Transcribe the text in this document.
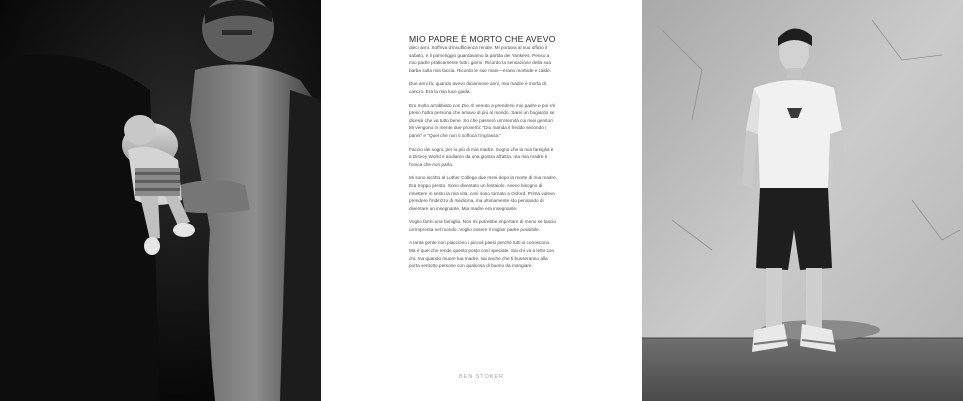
MIO PADRE È MORTO CHE AVEVO

dieci anni. Soffriva d'insufficienza renale. Mi portava al suo ufficio il sabato, e il pomeriggio guardavamo la partita dei Yankees. Penso a mio padre praticamente tutti i giorni. Ricordo la sensazione della sua barba sulla mia faccia. Ricordo le sue mani—erano morbide e calde.

Due anni fa, quando avevo diciannove anni, mia madre è morta di cancro. Era la mia luce guida.

Ero molto arrabbiato con Dio. È venuto a prendersi mio padre e poi s'è preso l'altra persona che amavo di più al mondo. Sarei un bugiardo se dicessi che va tutto bene. So che passerò un'eternità coi miei genitori. Mi vengono in mente due proverbi: "Dio manda il freddo secondo i panni" e "Quel che non ti soffoca t'ingrassa."

Faccio dei sogni, per lo più di mia madre. Sogno che la mia famiglia è a Disney World e andiamo da una giostra all'altra, ma mia madre è l'unica che non parla.

Mi sono iscritto al Luther College due mesi dopo la morte di mia madre. Era troppo presto. Sono diventato un festaiolo. Avevo bisogno di rimettere in sesto la mia vita, così sono tornato a Oxford. Prima volevo prendere l'indirizzo di medicina, ma ultimamente sto pensando di diventare un insegnante. Mia madre era insegnante.

Voglio farmi una famiglia. Non mi potrebbe importare di meno se lascio un'impronta nel mondo. Voglio essere il miglior padre possibile.

A tanta gente non piacciono i piccoli paesi perché tutti si conoscono. Ma è quel che rende questo posto così speciale. Sai chi va a letto con chi, ma quando muore tua madre, sai anche che ti busseranno alla porta ventotto persone con qualcosa di buono da mangiare.

BEN STOKER
